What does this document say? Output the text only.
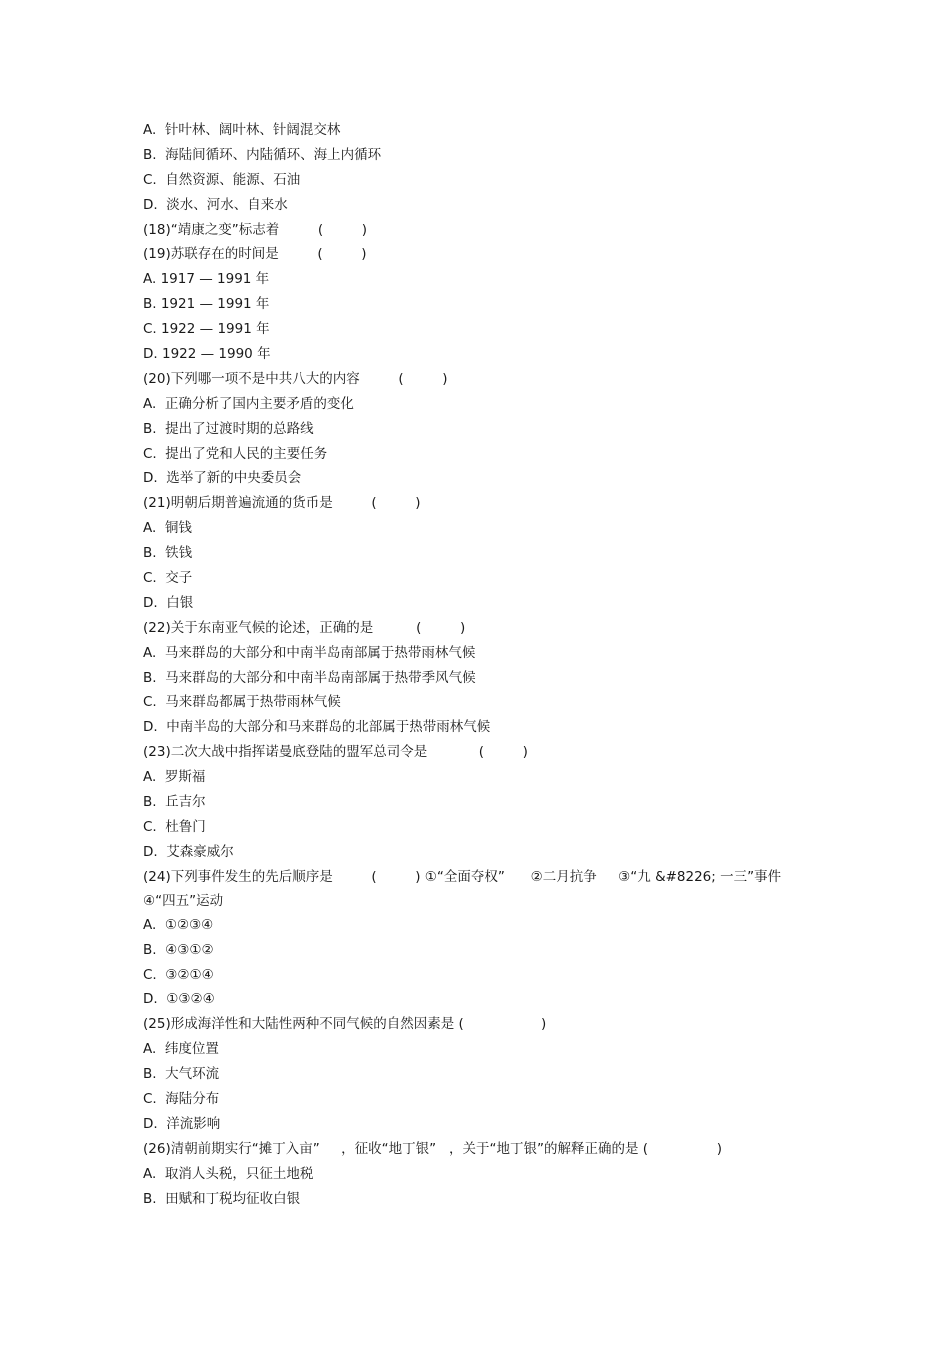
A.  针叶林、阔叶林、针阔混交林
B.  海陆间循环、内陆循环、海上内循环
C.  自然资源、能源、石油
D.  淡水、河水、自来水
(18)“靖康之变”标志着         (         )
(19)苏联存在的时间是         (         )
A. 1917 — 1991 年
B. 1921 — 1991 年
C. 1922 — 1991 年
D. 1922 — 1990 年
(20)下列哪一项不是中共八大的内容         (         )
A.  正确分析了国内主要矛盾的变化
B.  提出了过渡时期的总路线
C.  提出了党和人民的主要任务
D.  选举了新的中央委员会
(21)明朝后期普遍流通的货币是         (         )
A.  铜钱
B.  铁钱
C.  交子
D.  白银
(22)关于东南亚气候的论述，正确的是          (         )
A.  马来群岛的大部分和中南半岛南部属于热带雨林气候
B.  马来群岛的大部分和中南半岛南部属于热带季风气候
C.  马来群岛都属于热带雨林气候
D.  中南半岛的大部分和马来群岛的北部属于热带雨林气候
(23)二次大战中指挥诺曼底登陆的盟军总司令是            (         )
A.  罗斯福
B.  丘吉尔
C.  杜鲁门
D.  艾森豪威尔
(24)下列事件发生的先后顺序是         (         ) ①“全面夺权”      ②二月抗争     ③“九 &#8226; 一三”事件   ④“四五”运动
A.  ①②③④
B.  ④③①②
C.  ③②①④
D.  ①③②④
(25)形成海洋性和大陆性两种不同气候的自然因素是 (                  )
A.  纬度位置
B.  大气环流
C.  海陆分布
D.  洋流影响
(26)清朝前期实行“摊丁入亩”     ，征收“地丁银”   ，关于“地丁银”的解释正确的是 (                )
A.  取消人头税，只征土地税
B.  田赋和丁税均征收白银
